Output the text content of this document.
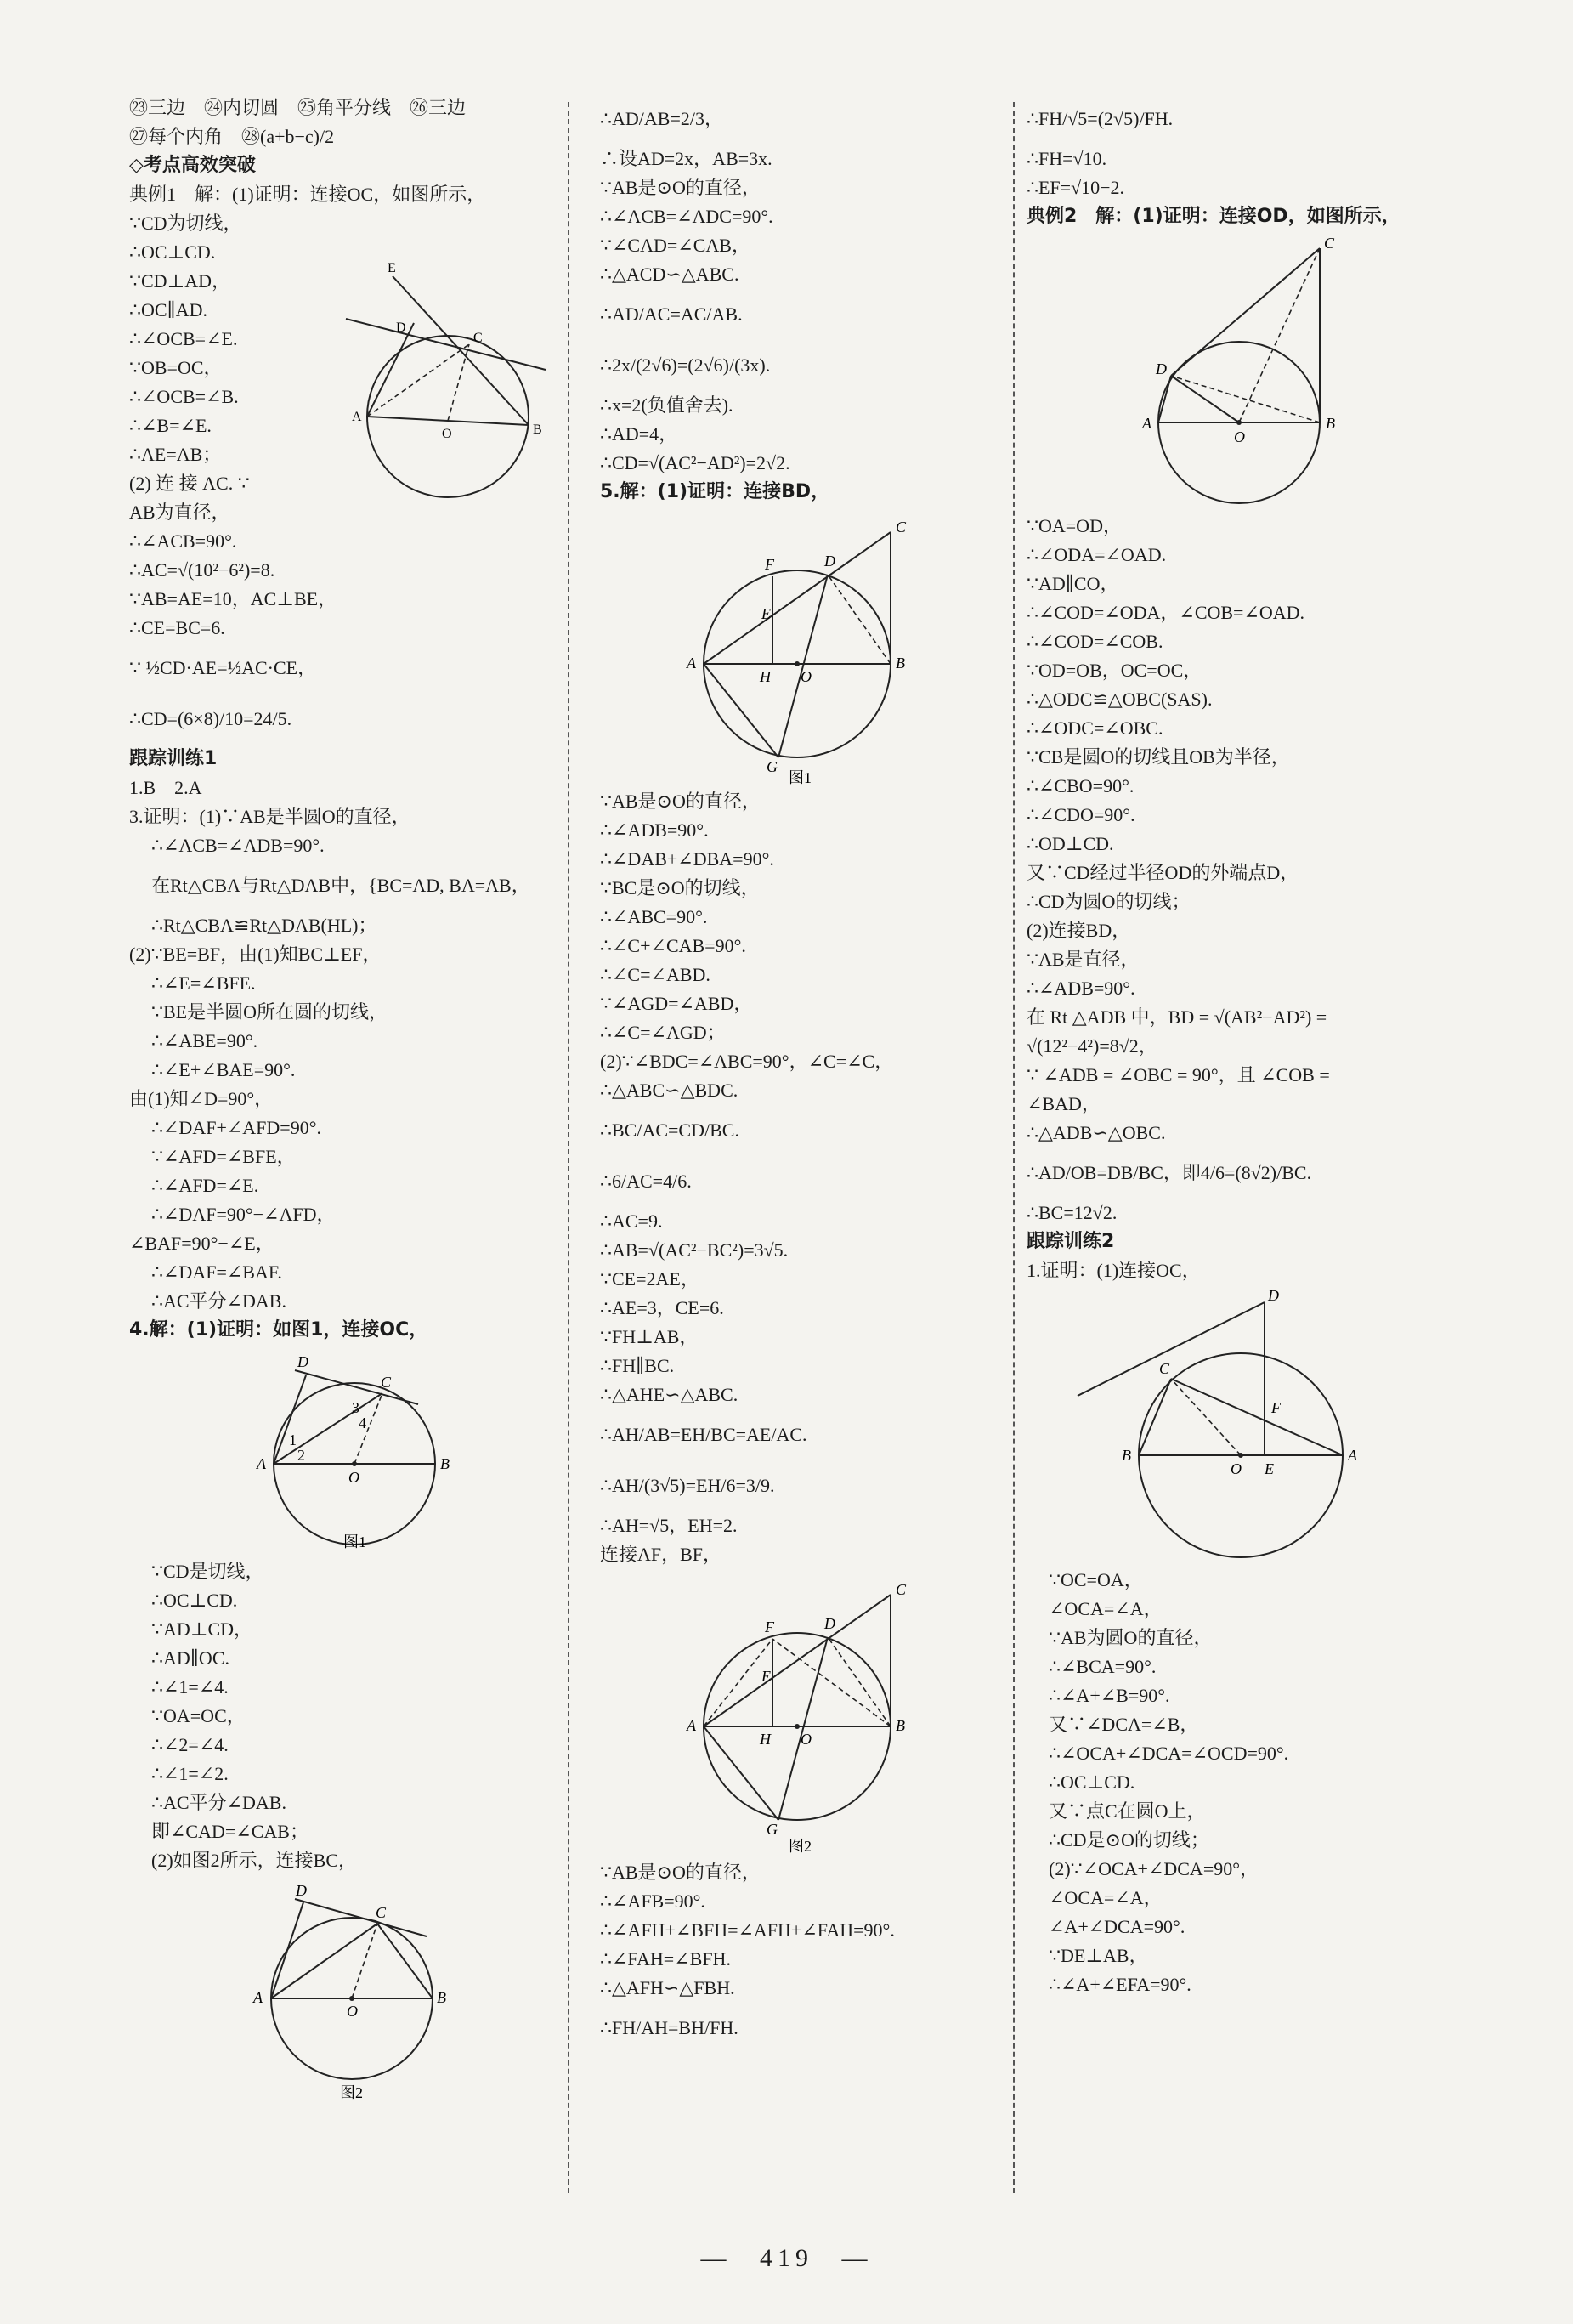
㉓三边　㉔内切圆　㉕角平分线　㉖三边
㉗每个内角　㉘(a+b−c)/2
◇考点高效突破
典例1　解：(1)证明：连接OC，如图所示，
∵CD为切线，
∴OC⊥CD.
∵CD⊥AD，
∴OC∥AD.
∴∠OCB=∠E.
∵OB=OC，
∴∠OCB=∠B.
∴∠B=∠E.
∴AE=AB；
(2) 连 接 AC. ∵
AB为直径，
∴∠ACB=90°.
∴AC=√(10²−6²)=8.
∵AB=AE=10，AC⊥BE，
∴CE=BC=6.
∵ ½CD·AE=½AC·CE，
∴CD=(6×8)/10=24/5.
跟踪训练1
1.B　2.A
3.证明：(1)∵AB是半圆O的直径，
∴∠ACB=∠ADB=90°.
在Rt△CBA与Rt△DAB中，{BC=AD, BA=AB，
∴Rt△CBA≌Rt△DAB(HL)；
(2)∵BE=BF，由(1)知BC⊥EF，
∴∠E=∠BFE.
∵BE是半圆O所在圆的切线，
∴∠ABE=90°.
∴∠E+∠BAE=90°.
由(1)知∠D=90°，
∴∠DAF+∠AFD=90°.
∵∠AFD=∠BFE，
∴∠AFD=∠E.
∴∠DAF=90°−∠AFD，
∠BAF=90°−∠E，
∴∠DAF=∠BAF.
∴AC平分∠DAB.
4.解：(1)证明：如图1，连接OC，
D
C
A	B
O
1
2
3
4
图1
∵CD是切线，
∴OC⊥CD.
∵AD⊥CD，
∴AD∥OC.
∴∠1=∠4.
∵OA=OC，
∴∠2=∠4.
∴∠1=∠2.
∴AC平分∠DAB.
即∠CAD=∠CAB；
(2)如图2所示，连接BC，
D
C
A	B
O
图2
E
D
C
A
B
O
∴AD/AB=2/3，
∴设AD=2x，AB=3x.
∵AB是⊙O的直径，
∴∠ACB=∠ADC=90°.
∵∠CAD=∠CAB，
∴△ACD∽△ABC.
∴AD/AC=AC/AB.
∴2x/(2√6)=(2√6)/(3x).
∴x=2(负值舍去).
∴AD=4，
∴CD=√(AC²−AD²)=2√2.
5.解：(1)证明：连接BD，
C
D
F
E
A	B
H O
G
图1
∵AB是⊙O的直径，
∴∠ADB=90°.
∴∠DAB+∠DBA=90°.
∵BC是⊙O的切线，
∴∠ABC=90°.
∴∠C+∠CAB=90°.
∴∠C=∠ABD.
∵∠AGD=∠ABD，
∴∠C=∠AGD；
(2)∵∠BDC=∠ABC=90°，∠C=∠C，
∴△ABC∽△BDC.
∴BC/AC=CD/BC.
∴6/AC=4/6.
∴AC=9.
∴AB=√(AC²−BC²)=3√5.
∵CE=2AE，
∴AE=3，CE=6.
∵FH⊥AB，
∴FH∥BC.
∴△AHE∽△ABC.
∴AH/AB=EH/BC=AE/AC.
∴AH/(3√5)=EH/6=3/9.
∴AH=√5，EH=2.
连接AF，BF，
C
D
F
E
A	B
H O
G
图2
∵AB是⊙O的直径，
∴∠AFB=90°.
∴∠AFH+∠BFH=∠AFH+∠FAH=90°.
∴∠FAH=∠BFH.
∴△AFH∽△FBH.
∴FH/AH=BH/FH.
∴FH/√5=(2√5)/FH.
∴FH=√10.
∴EF=√10−2.
典例2　解：(1)证明：连接OD，如图所示，
C
D
A	B
O
∵OA=OD，
∴∠ODA=∠OAD.
∵AD∥CO，
∴∠COD=∠ODA，∠COB=∠OAD.
∴∠COD=∠COB.
∵OD=OB，OC=OC，
∴△ODC≌△OBC(SAS).
∴∠ODC=∠OBC.
∵CB是圆O的切线且OB为半径，
∴∠CBO=90°.
∴∠CDO=90°.
∴OD⊥CD.
又∵CD经过半径OD的外端点D，
∴CD为圆O的切线；
(2)连接BD，
∵AB是直径，
∴∠ADB=90°.
在 Rt △ADB 中，BD = √(AB²−AD²) =
√(12²−4²)=8√2，
∵ ∠ADB = ∠OBC = 90°，且 ∠COB =
∠BAD，
∴△ADB∽△OBC.
∴AD/OB=DB/BC，即4/6=(8√2)/BC.
∴BC=12√2.
跟踪训练2
1.证明：(1)连接OC，
D
C
F
B	A
O E
∵OC=OA，
∠OCA=∠A，
∵AB为圆O的直径，
∴∠BCA=90°.
∴∠A+∠B=90°.
又∵∠DCA=∠B，
∴∠OCA+∠DCA=∠OCD=90°.
∴OC⊥CD.
又∵点C在圆O上，
∴CD是⊙O的切线；
(2)∵∠OCA+∠DCA=90°，
∠OCA=∠A，
∠A+∠DCA=90°.
∵DE⊥AB，
∴∠A+∠EFA=90°.
— 419 —
